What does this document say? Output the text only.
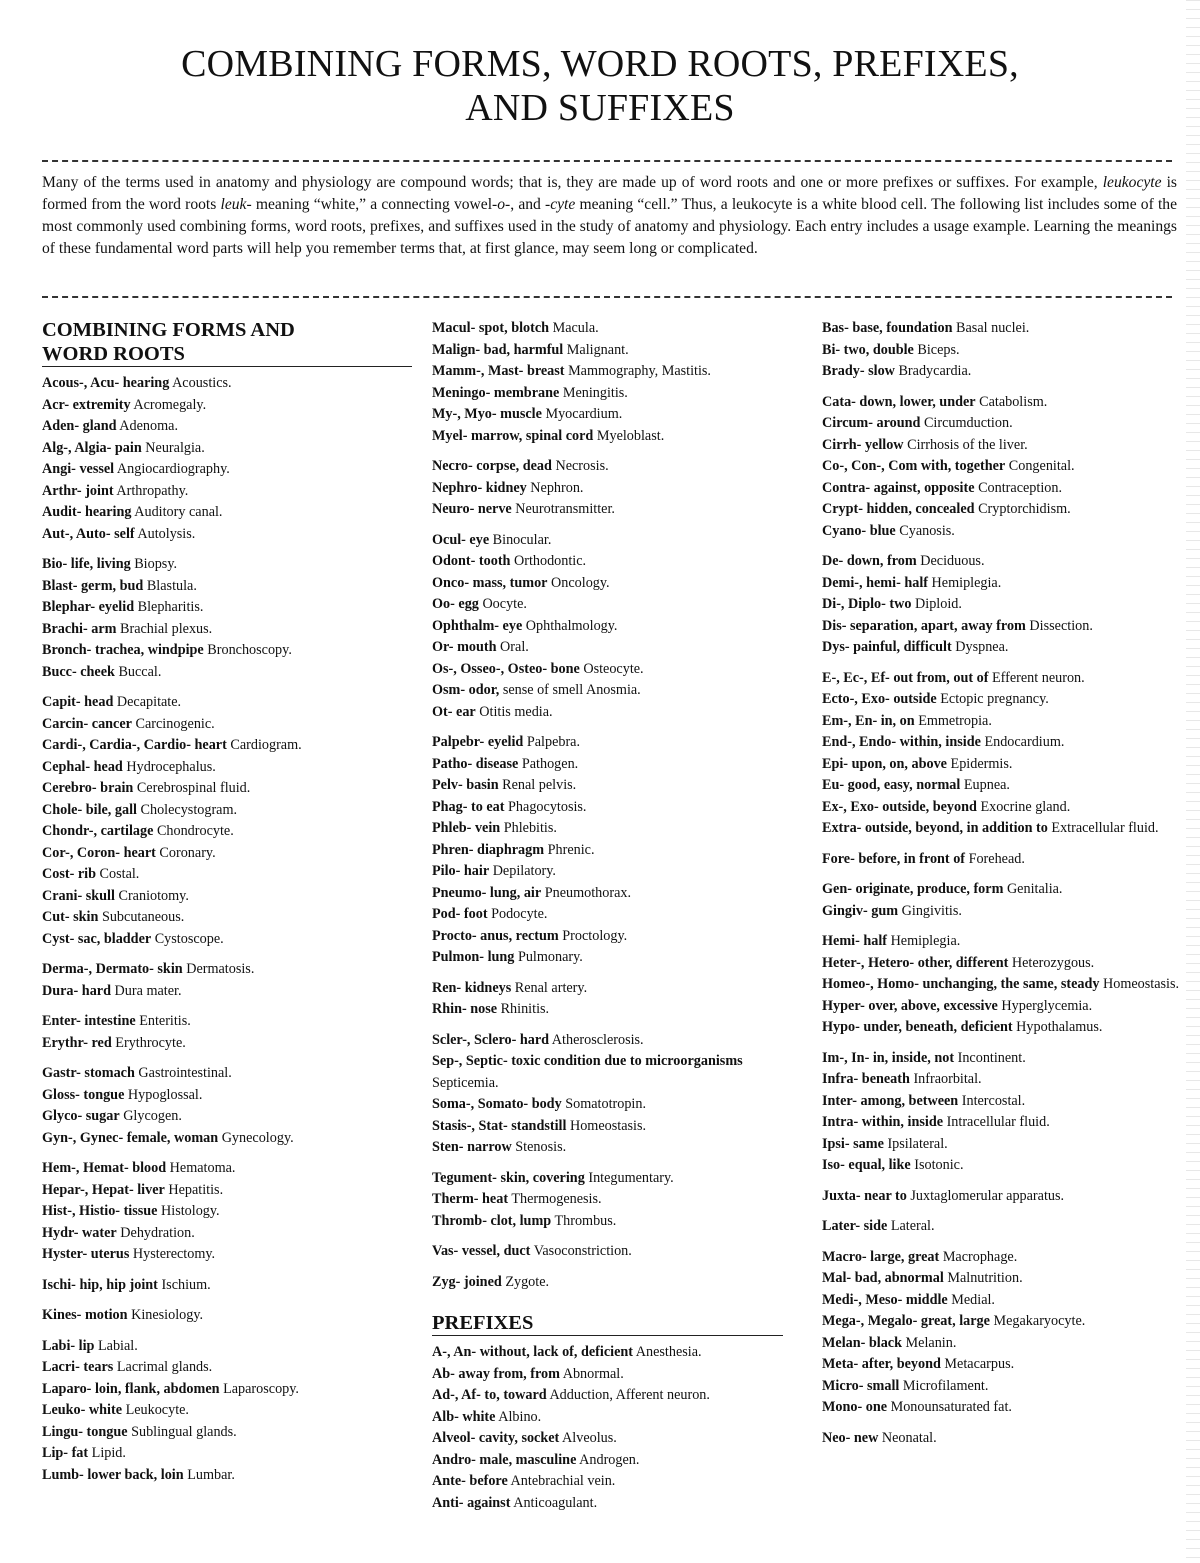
COMBINING FORMS, WORD ROOTS, PREFIXES,
AND SUFFIXES
Many of the terms used in anatomy and physiology are compound words; that is, they are made up of word roots and one or more prefixes or suffixes. For example, leukocyte is formed from the word roots leuk- meaning “white,” a connecting vowel-o-, and -cyte meaning “cell.” Thus, a leukocyte is a white blood cell. The following list includes some of the most commonly used combining forms, word roots, prefixes, and suffixes used in the study of anatomy and physiology. Each entry includes a usage example. Learning the meanings of these fundamental word parts will help you remember terms that, at first glance, may seem long or complicated.
COMBINING FORMS AND WORD ROOTS
Acous-, Acu- hearing Acoustics.
Acr- extremity Acromegaly.
Aden- gland Adenoma.
Alg-, Algia- pain Neuralgia.
Angi- vessel Angiocardiography.
Arthr- joint Arthropathy.
Audit- hearing Auditory canal.
Aut-, Auto- self Autolysis.
Bio- life, living Biopsy.
Blast- germ, bud Blastula.
Blephar- eyelid Blepharitis.
Brachi- arm Brachial plexus.
Bronch- trachea, windpipe Bronchoscopy.
Bucc- cheek Buccal.
Capit- head Decapitate.
Carcin- cancer Carcinogenic.
Cardi-, Cardia-, Cardio- heart Cardiogram.
Cephal- head Hydrocephalus.
Cerebro- brain Cerebrospinal fluid.
Chole- bile, gall Cholecystogram.
Chondr-, cartilage Chondrocyte.
Cor-, Coron- heart Coronary.
Cost- rib Costal.
Crani- skull Craniotomy.
Cut- skin Subcutaneous.
Cyst- sac, bladder Cystoscope.
Derma-, Dermato- skin Dermatosis.
Dura- hard Dura mater.
Enter- intestine Enteritis.
Erythr- red Erythrocyte.
Gastr- stomach Gastrointestinal.
Gloss- tongue Hypoglossal.
Glyco- sugar Glycogen.
Gyn-, Gynec- female, woman Gynecology.
Hem-, Hemat- blood Hematoma.
Hepar-, Hepat- liver Hepatitis.
Hist-, Histio- tissue Histology.
Hydr- water Dehydration.
Hyster- uterus Hysterectomy.
Ischi- hip, hip joint Ischium.
Kines- motion Kinesiology.
Labi- lip Labial.
Lacri- tears Lacrimal glands.
Laparo- loin, flank, abdomen Laparoscopy.
Leuko- white Leukocyte.
Lingu- tongue Sublingual glands.
Lip- fat Lipid.
Lumb- lower back, loin Lumbar.
Macul- spot, blotch Macula.
Malign- bad, harmful Malignant.
Mamm-, Mast- breast Mammography, Mastitis.
Meningo- membrane Meningitis.
My-, Myo- muscle Myocardium.
Myel- marrow, spinal cord Myeloblast.
Necro- corpse, dead Necrosis.
Nephro- kidney Nephron.
Neuro- nerve Neurotransmitter.
Ocul- eye Binocular.
Odont- tooth Orthodontic.
Onco- mass, tumor Oncology.
Oo- egg Oocyte.
Ophthalm- eye Ophthalmology.
Or- mouth Oral.
Os-, Osseo-, Osteo- bone Osteocyte.
Osm- odor, sense of smell Anosmia.
Ot- ear Otitis media.
Palpebr- eyelid Palpebra.
Patho- disease Pathogen.
Pelv- basin Renal pelvis.
Phag- to eat Phagocytosis.
Phleb- vein Phlebitis.
Phren- diaphragm Phrenic.
Pilo- hair Depilatory.
Pneumo- lung, air Pneumothorax.
Pod- foot Podocyte.
Procto- anus, rectum Proctology.
Pulmon- lung Pulmonary.
Ren- kidneys Renal artery.
Rhin- nose Rhinitis.
Scler-, Sclero- hard Atherosclerosis.
Sep-, Septic- toxic condition due to microorganisms Septicemia.
Soma-, Somato- body Somatotropin.
Stasis-, Stat- standstill Homeostasis.
Sten- narrow Stenosis.
Tegument- skin, covering Integumentary.
Therm- heat Thermogenesis.
Thromb- clot, lump Thrombus.
Vas- vessel, duct Vasoconstriction.
Zyg- joined Zygote.
PREFIXES
A-, An- without, lack of, deficient Anesthesia.
Ab- away from, from Abnormal.
Ad-, Af- to, toward Adduction, Afferent neuron.
Alb- white Albino.
Alveol- cavity, socket Alveolus.
Andro- male, masculine Androgen.
Ante- before Antebrachial vein.
Anti- against Anticoagulant.
Bas- base, foundation Basal nuclei.
Bi- two, double Biceps.
Brady- slow Bradycardia.
Cata- down, lower, under Catabolism.
Circum- around Circumduction.
Cirrh- yellow Cirrhosis of the liver.
Co-, Con-, Com with, together Congenital.
Contra- against, opposite Contraception.
Crypt- hidden, concealed Cryptorchidism.
Cyano- blue Cyanosis.
De- down, from Deciduous.
Demi-, hemi- half Hemiplegia.
Di-, Diplo- two Diploid.
Dis- separation, apart, away from Dissection.
Dys- painful, difficult Dyspnea.
E-, Ec-, Ef- out from, out of Efferent neuron.
Ecto-, Exo- outside Ectopic pregnancy.
Em-, En- in, on Emmetropia.
End-, Endo- within, inside Endocardium.
Epi- upon, on, above Epidermis.
Eu- good, easy, normal Eupnea.
Ex-, Exo- outside, beyond Exocrine gland.
Extra- outside, beyond, in addition to Extracellular fluid.
Fore- before, in front of Forehead.
Gen- originate, produce, form Genitalia.
Gingiv- gum Gingivitis.
Hemi- half Hemiplegia.
Heter-, Hetero- other, different Heterozygous.
Homeo-, Homo- unchanging, the same, steady Homeostasis.
Hyper- over, above, excessive Hyperglycemia.
Hypo- under, beneath, deficient Hypothalamus.
Im-, In- in, inside, not Incontinent.
Infra- beneath Infraorbital.
Inter- among, between Intercostal.
Intra- within, inside Intracellular fluid.
Ipsi- same Ipsilateral.
Iso- equal, like Isotonic.
Juxta- near to Juxtaglomerular apparatus.
Later- side Lateral.
Macro- large, great Macrophage.
Mal- bad, abnormal Malnutrition.
Medi-, Meso- middle Medial.
Mega-, Megalo- great, large Megakaryocyte.
Melan- black Melanin.
Meta- after, beyond Metacarpus.
Micro- small Microfilament.
Mono- one Monounsaturated fat.
Neo- new Neonatal.
